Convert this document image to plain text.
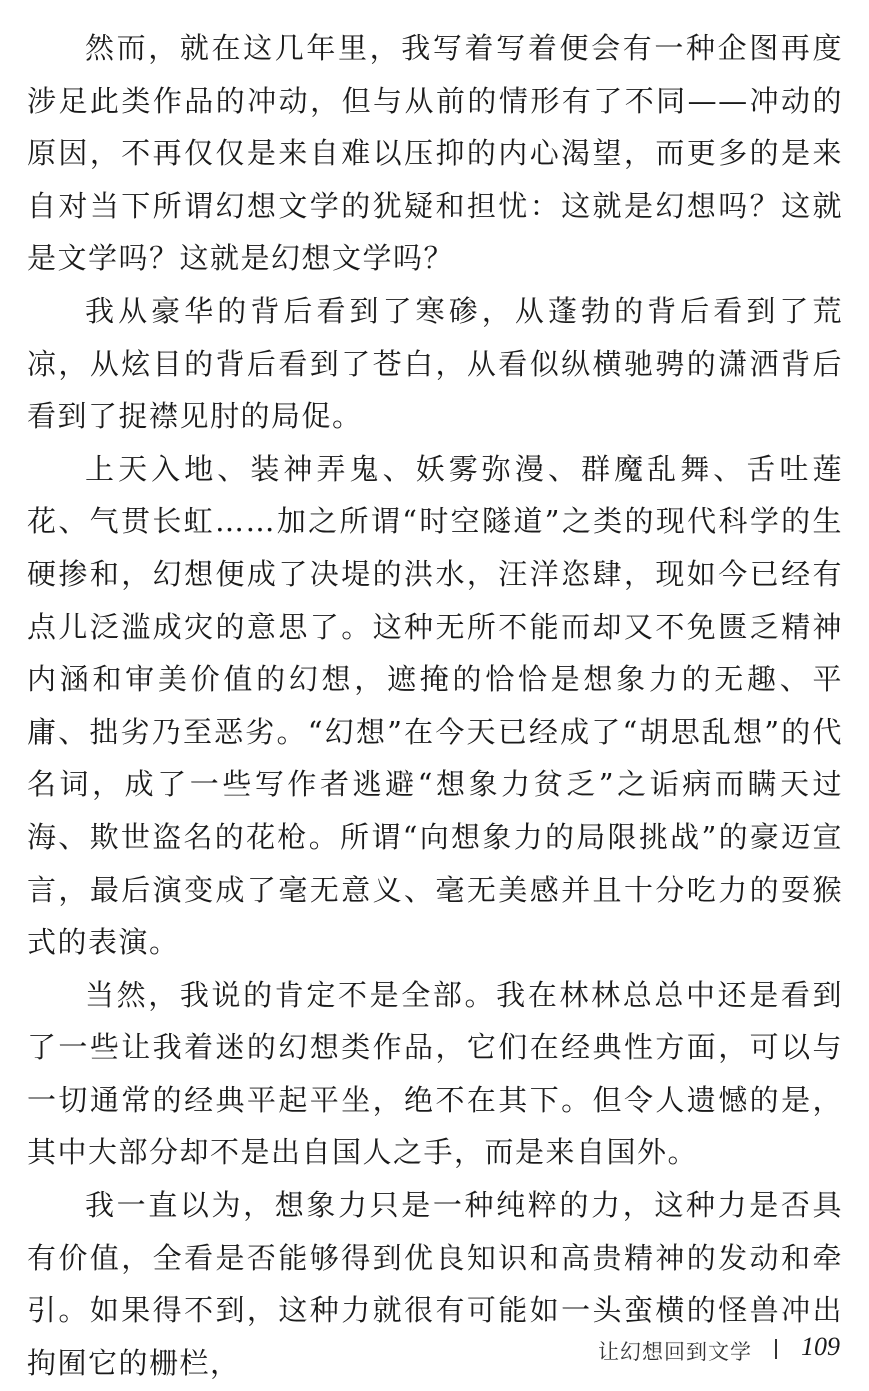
然而，就在这几年里，我写着写着便会有一种企图再度涉足此类作品的冲动，但与从前的情形有了不同——冲动的原因，不再仅仅是来自难以压抑的内心渴望，而更多的是来自对当下所谓幻想文学的犹疑和担忧：这就是幻想吗？这就是文学吗？这就是幻想文学吗？

我从豪华的背后看到了寒碜，从蓬勃的背后看到了荒凉，从炫目的背后看到了苍白，从看似纵横驰骋的潇洒背后看到了捉襟见肘的局促。

上天入地、装神弄鬼、妖雾弥漫、群魔乱舞、舌吐莲花、气贯长虹……加之所谓“时空隧道”之类的现代科学的生硬掺和，幻想便成了决堤的洪水，汪洋恣肆，现如今已经有点儿泛滥成灾的意思了。这种无所不能而却又不免匮乏精神内涵和审美价值的幻想，遮掩的恰恰是想象力的无趣、平庸、拙劣乃至恶劣。“幻想”在今天已经成了“胡思乱想”的代名词，成了一些写作者逃避“想象力贫乏”之诟病而瞒天过海、欺世盗名的花枪。所谓“向想象力的局限挑战”的豪迈宣言，最后演变成了毫无意义、毫无美感并且十分吃力的耍猴式的表演。

当然，我说的肯定不是全部。我在林林总总中还是看到了一些让我着迷的幻想类作品，它们在经典性方面，可以与一切通常的经典平起平坐，绝不在其下。但令人遗憾的是，其中大部分却不是出自国人之手，而是来自国外。

我一直以为，想象力只是一种纯粹的力，这种力是否具有价值，全看是否能够得到优良知识和高贵精神的发动和牵引。如果得不到，这种力就很有可能如一头蛮横的怪兽冲出拘囿它的栅栏，	让幻想回到文学 109
